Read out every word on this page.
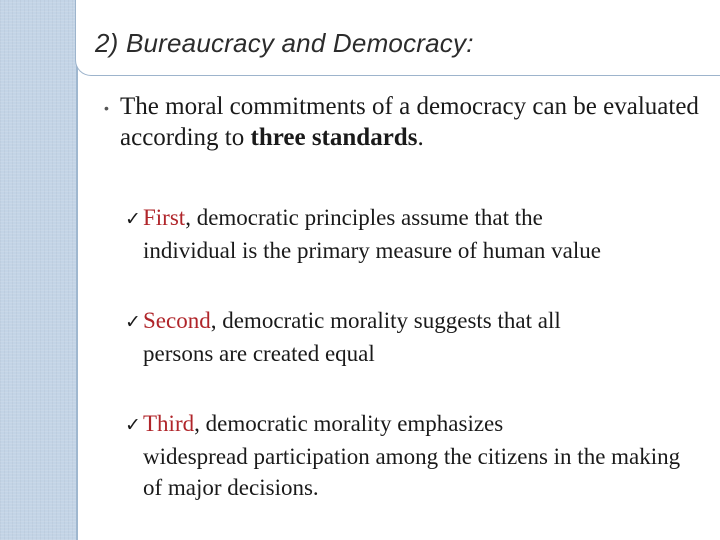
2) Bureaucracy and Democracy:
• The moral commitments of a democracy can be evaluated according to three standards.
✓First, democratic principles assume that the
individual is the primary measure of human value
✓Second, democratic morality suggests that all
persons are created equal
✓Third, democratic morality emphasizes
widespread participation among the citizens in the making of major decisions.
